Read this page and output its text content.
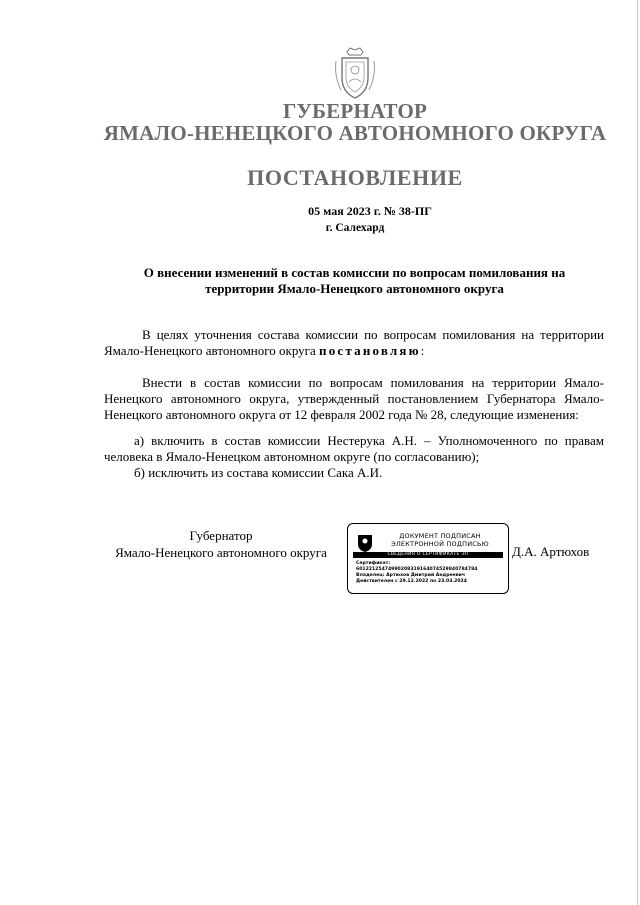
ГУБЕРНАТОР
ЯМАЛО-НЕНЕЦКОГО АВТОНОМНОГО ОКРУГА
ПОСТАНОВЛЕНИЕ
05 мая 2023 г. № 38-ПГ
г. Салехард
О внесении изменений в состав комиссии по вопросам помилования на территории Ямало-Ненецкого автономного округа
В целях уточнения состава комиссии по вопросам помилования на территории Ямало-Ненецкого автономного округа постановляю:
Внести в состав комиссии по вопросам помилования на территории Ямало-Ненецкого автономного округа, утвержденный постановлением Губернатора Ямало-Ненецкого автономного округа от 12 февраля 2002 года № 28, следующие изменения:
а) включить в состав комиссии Нестерука А.Н. – Уполномоченного по правам человека в Ямало-Ненецком автономном округе (по согласованию);
б) исключить из состава комиссии Сака А.И.
Губернатор
Ямало-Ненецкого автономного округа
ДОКУМЕНТ ПОДПИСАН
ЭЛЕКТРОННОЙ ПОДПИСЬЮ
СВЕДЕНИЯ О СЕРТИФИКАТЕ ЭП
Сертификат:
6012212547499020831916407452984078478​4
Владелец: Артюхов Дмитрий Андреевич
Действителен с 29.12.2022 по 23.03.2024
Д.А. Артюхов
